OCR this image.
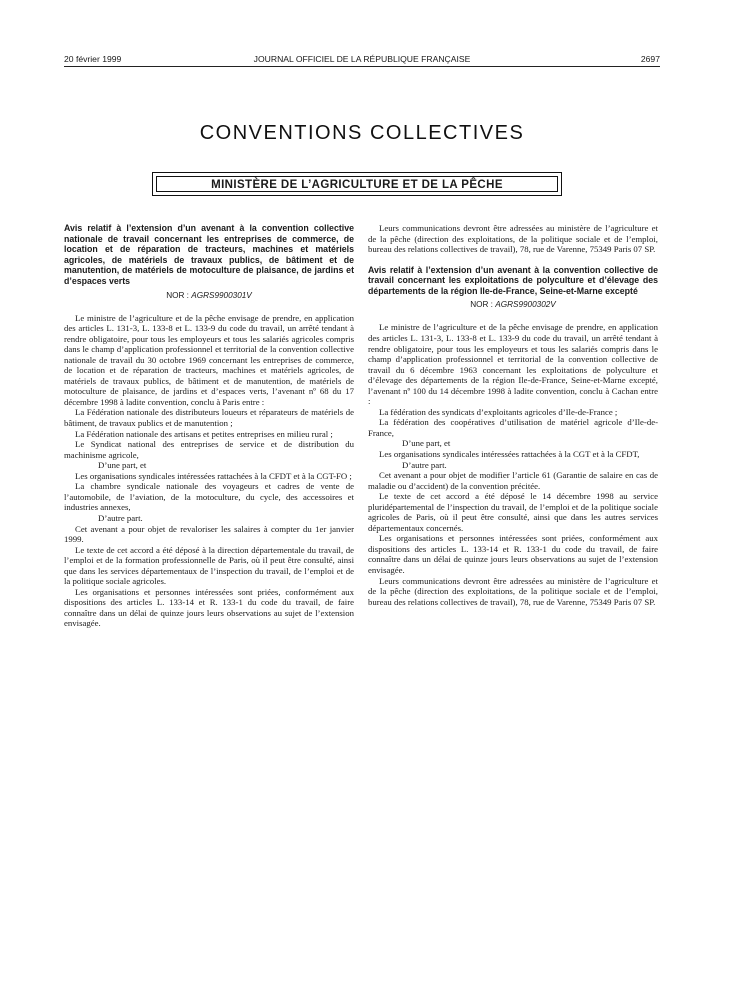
20 février 1999	JOURNAL OFFICIEL DE LA RÉPUBLIQUE FRANÇAISE	2697
CONVENTIONS COLLECTIVES
MINISTÈRE DE L’AGRICULTURE ET DE LA PÊCHE
Avis relatif à l’extension d’un avenant à la convention collective nationale de travail concernant les entreprises de commerce, de location et de réparation de tracteurs, machines et matériels agricoles, de matériels de travaux publics, de bâtiment et de manutention, de matériels de motoculture de plaisance, de jardins et d’espaces verts
NOR : AGRS9900301V

Le ministre de l’agriculture et de la pêche envisage de prendre, en application des articles L. 131-3, L. 133-8 et L. 133-9 du code du travail, un arrêté tendant à rendre obligatoire, pour tous les employeurs et tous les salariés agricoles compris dans le champ d’application professionnel et territorial de la convention collective nationale de travail du 30 octobre 1969 concernant les entreprises de commerce, de location et de réparation de tracteurs, machines et matériels agricoles, de matériels de travaux publics, de bâtiment et de manutention, de matériels de motoculture de plaisance, de jardins et d’espaces verts, l’avenant nº 68 du 17 décembre 1998 à ladite convention, conclu à Paris entre :

La Fédération nationale des distributeurs loueurs et réparateurs de matériels de bâtiment, de travaux publics et de manutention ;

La Fédération nationale des artisans et petites entreprises en milieu rural ;

Le Syndicat national des entreprises de service et de distribution du machinisme agricole,

D’une part, et

Les organisations syndicales intéressées rattachées à la CFDT et à la CGT-FO ;

La chambre syndicale nationale des voyageurs et cadres de vente de l’automobile, de l’aviation, de la motoculture, du cycle, des accessoires et industries annexes,

D’autre part.

Cet avenant a pour objet de revaloriser les salaires à compter du 1er janvier 1999.

Le texte de cet accord a été déposé à la direction départementale du travail, de l’emploi et de la formation professionnelle de Paris, où il peut être consulté, ainsi que dans les services départementaux de l’inspection du travail, de l’emploi et de la politique sociale agricoles.

Les organisations et personnes intéressées sont priées, conformément aux dispositions des articles L. 133-14 et R. 133-1 du code du travail, de faire connaître dans un délai de quinze jours leurs observations au sujet de l’extension envisagée.

Leurs communications devront être adressées au ministère de l’agriculture et de la pêche (direction des exploitations, de la politique sociale et de l’emploi, bureau des relations collectives de travail), 78, rue de Varenne, 75349 Paris 07 SP.

Avis relatif à l’extension d’un avenant à la convention collective de travail concernant les exploitations de polyculture et d’élevage des départements de la région Ile-de-France, Seine-et-Marne excepté
NOR : AGRS9900302V

Le ministre de l’agriculture et de la pêche envisage de prendre, en application des articles L. 131-3, L. 133-8 et L. 133-9 du code du travail, un arrêté tendant à rendre obligatoire, pour tous les employeurs et tous les salariés compris dans le champ d’application professionnel et territorial de la convention collective de travail du 6 décembre 1963 concernant les exploitations de polyculture et d’élevage des départements de la région Ile-de-France, Seine-et-Marne excepté, l’avenant nº 100 du 14 décembre 1998 à ladite convention, conclu à Cachan entre :

La fédération des syndicats d’exploitants agricoles d’Ile-de-France ;

La fédération des coopératives d’utilisation de matériel agricole d’Ile-de-France,

D’une part, et

Les organisations syndicales intéressées rattachées à la CGT et à la CFDT,

D’autre part.

Cet avenant a pour objet de modifier l’article 61 (Garantie de salaire en cas de maladie ou d’accident) de la convention précitée.

Le texte de cet accord a été déposé le 14 décembre 1998 au service pluridépartemental de l’inspection du travail, de l’emploi et de la politique sociale agricoles de Paris, où il peut être consulté, ainsi que dans les autres services départementaux concernés.

Les organisations et personnes intéressées sont priées, conformément aux dispositions des articles L. 133-14 et R. 133-1 du code du travail, de faire connaître dans un délai de quinze jours leurs observations au sujet de l’extension envisagée.

Leurs communications devront être adressées au ministère de l’agriculture et de la pêche (direction des exploitations, de la politique sociale et de l’emploi, bureau des relations collectives de travail), 78, rue de Varenne, 75349 Paris 07 SP.
